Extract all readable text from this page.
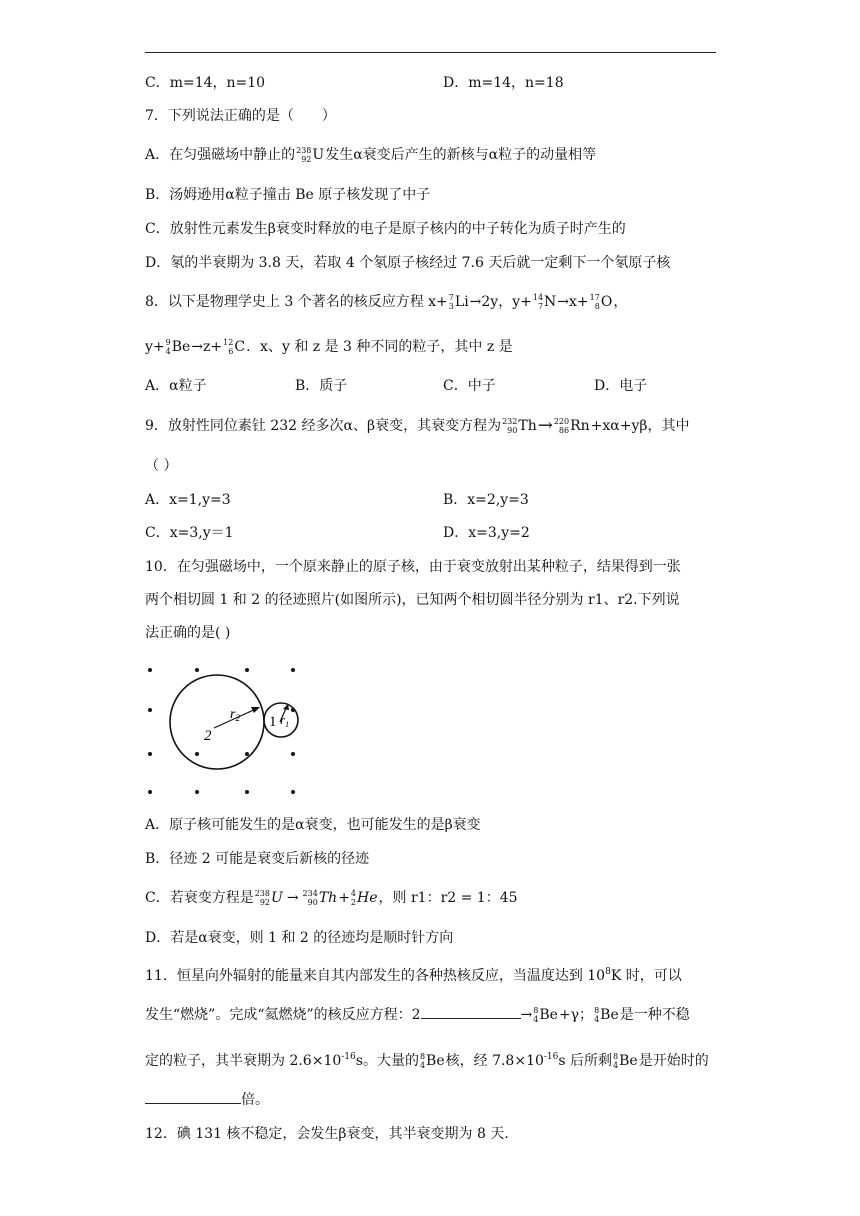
C．m=14，n=10	D．m=14，n=18
7．下列说法正确的是（　　）
A．在匀强磁场中静止的 238
92 U发生α衰变后产生的新核与α粒子的动量相等
B．汤姆逊用α粒子撞击 Be 原子核发现了中子
C．放射性元素发生β衰变时释放的电子是原子核内的中子转化为质子时产生的
D．氡的半衰期为 3.8 天，若取 4 个氡原子核经过 7.6 天后就一定剩下一个氡原子核
8．以下是物理学史上 3 个著名的核反应方程 x+ 7
3 Li→2y，y+ 14
7 N→x+ 17
8 O，
y+ 9
4 Be→z+ 12
6 C．x、y 和 z 是 3 种不同的粒子，其中 z 是
A．α粒子	B．质子	C．中子	D．电子
9．放射性同位素钍 232 经多次α、β衰变，其衰变方程为 232
90 Th→ 220
86 Rn+xα+yβ，其中
（ ）
A．x=1,y=3	B．x=2,y=3
C．x=3,y＝1	D．x=3,y=2
10．在匀强磁场中，一个原来静止的原子核，由于衰变放射出某种粒子，结果得到一张
两个相切圆 1 和 2 的径迹照片(如图所示)，已知两个相切圆半径分别为 r1、r2.下列说
法正确的是( )
2
$r_2$ 1 $r_1$
A．原子核可能发生的是α衰变，也可能发生的是β衰变
B．径迹 2 可能是衰变后新核的径迹
C．若衰变方程是 238
92 U → 234
90 Th+ 4
2 He，则 r1：r2 = 1：45
D．若是α衰变，则 1 和 2 的径迹均是顺时针方向
11．恒星向外辐射的能量来自其内部发生的各种热核反应，当温度达到 $10^8K$ 时，可以
发生“燃烧”。完成“氦燃烧”的核反应方程：2	→ 8
4 Be+γ； 8
4 Be是一种不稳
定的粒子，其半衰期为 $2.6\times 10^{-16}s$。大量的 8
4 Be核，经 $7.8\times 10^{-16}s$ 后所剩 8
4 Be是开始时的
倍。
12．碘 131 核不稳定，会发生β衰变，其半衰变期为 8 天.
